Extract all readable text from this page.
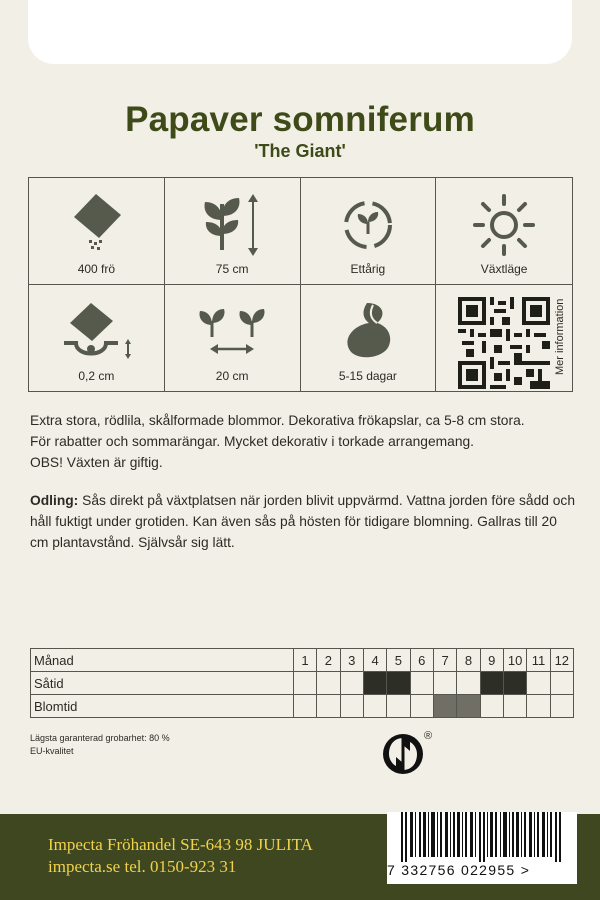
Papaver somniferum
'The Giant'
400 frö	75 cm	Ettårig	Växtläge
0,2 cm	20 cm	5-15 dagar
Mer information

Extra stora, rödlila, skålformade blommor. Dekorativa frökapslar, ca 5-8 cm stora.

För rabatter och sommarängar. Mycket dekorativ i torkade arrangemang.

OBS! Växten är giftig.

Odling: Sås direkt på växtplatsen när jorden blivit uppvärmd. Vattna jorden före sådd och håll fuktigt under grotiden. Kan även sås på hösten för tidigare blomning. Gallras till 20 cm plantavstånd. Självsår sig lätt.
Månad	1	2	3	4	5	6	7	8	9	10	11	12
Såtid												
Blomtid												
Lägsta garanterad grobarhet: 80 %
EU-kvalitet
®
Impecta Fröhandel SE-643 98 JULITA
impecta.se tel. 0150-923 31	7 332756 022955 >
